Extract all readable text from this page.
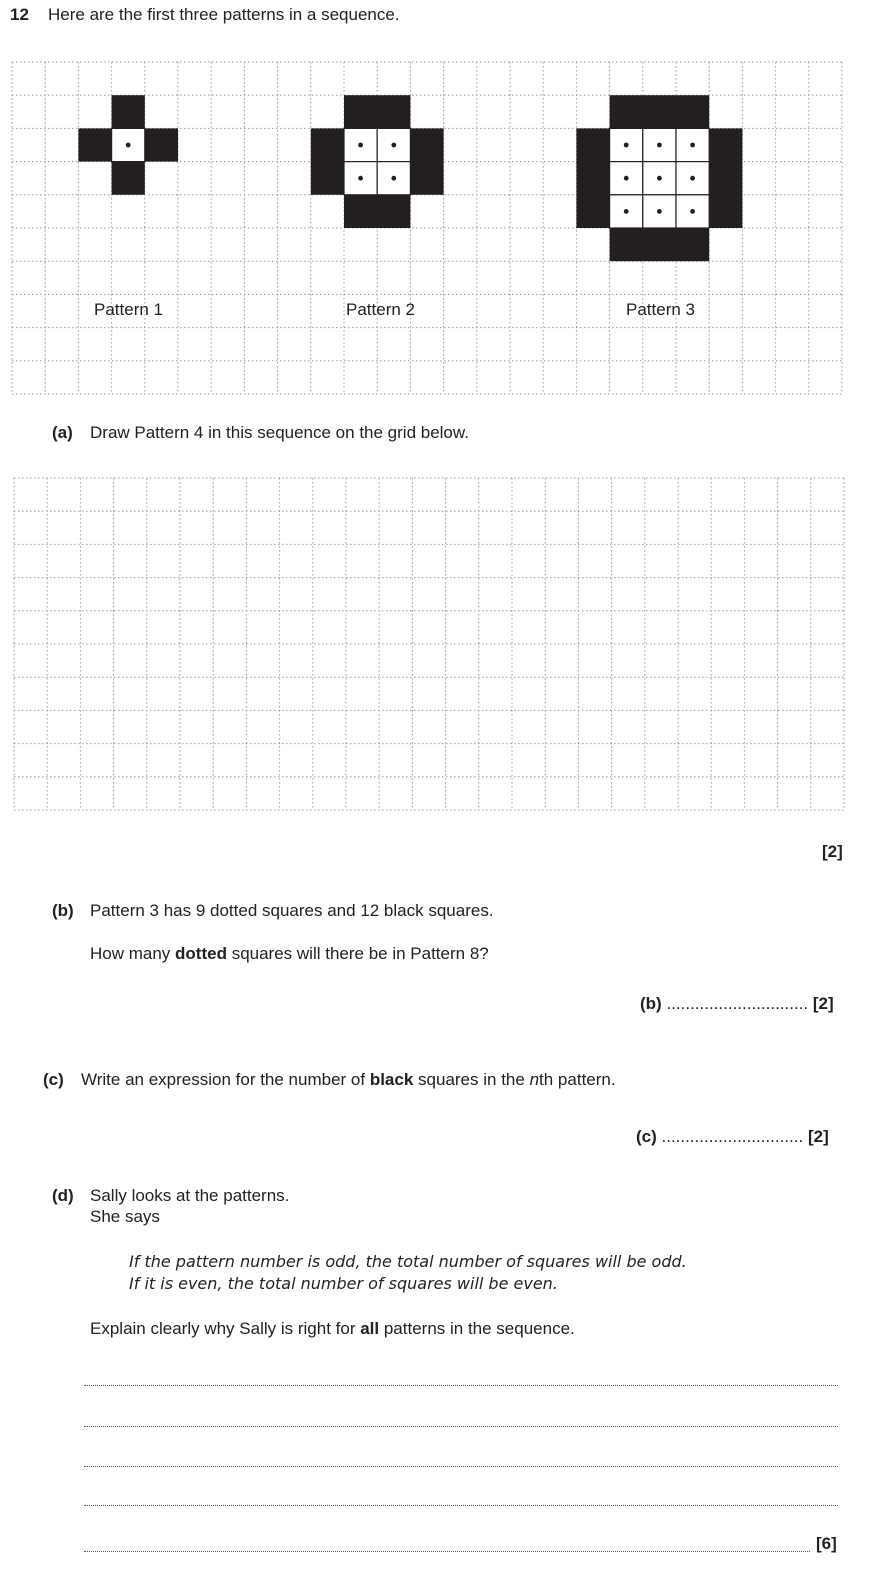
12 Here are the first three patterns in a sequence.
Pattern 1	Pattern 2	Pattern 3
(a) Draw Pattern 4 in this sequence on the grid below.
[2]
(b) Pattern 3 has 9 dotted squares and 12 black squares.
How many dotted squares will there be in Pattern 8?
(b) .............................. [2]
(c) Write an expression for the number of black squares in the nth pattern.
(c) .............................. [2]
(d) Sally looks at the patterns.
She says
If the pattern number is odd, the total number of squares will be odd.
If it is even, the total number of squares will be even.
Explain clearly why Sally is right for all patterns in the sequence.
[6]
